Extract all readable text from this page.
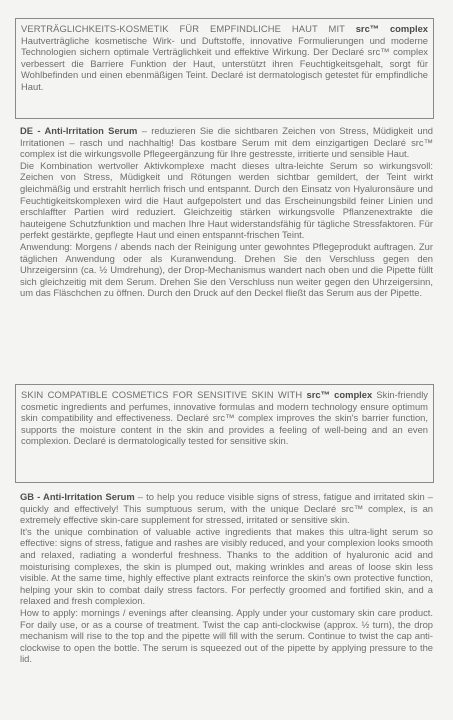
VERTRÄGLICHKEITS-KOSMETIK FÜR EMPFINDLICHE HAUT MIT src™ complex Hautverträgliche kosmetische Wirk- und Duftstoffe, innovative Formulierungen und moderne Technologien sichern optimale Verträglichkeit und effektive Wirkung. Der Declaré src™ complex verbessert die Barriere Funktion der Haut, unterstützt ihren Feuchtigkeitsgehalt, sorgt für Wohlbefinden und einen ebenmäßigen Teint. Declaré ist dermatologisch getestet für empfindliche Haut.

DE - Anti-Irritation Serum – reduzieren Sie die sichtbaren Zeichen von Stress, Müdigkeit und Irritationen – rasch und nachhaltig! Das kostbare Serum mit dem einzigartigen Declaré src™ complex ist die wirkungsvolle Pflegeergänzung für Ihre gestresste, irritierte und sensible Haut.

Die Kombination wertvoller Aktivkomplexe macht dieses ultra-leichte Serum so wirkungsvoll: Zeichen von Stress, Müdigkeit und Rötungen werden sichtbar gemildert, der Teint wirkt gleichmäßig und erstrahlt herrlich frisch und entspannt. Durch den Einsatz von Hyaluronsäure und Feuchtigkeitskomplexen wird die Haut aufgepolstert und das Erscheinungsbild feiner Linien und erschlaffter Partien wird reduziert. Gleichzeitig stärken wirkungsvolle Pflanzenextrakte die hauteigene Schutzfunktion und machen Ihre Haut widerstandsfähig für tägliche Stressfaktoren. Für perfekt gestärkte, gepflegte Haut und einen entspannt-frischen Teint.

Anwendung: Morgens / abends nach der Reinigung unter gewohntes Pflegeprodukt auftragen. Zur täglichen Anwendung oder als Kuranwendung. Drehen Sie den Verschluss gegen den Uhrzeigersinn (ca. ½ Umdrehung), der Drop-Mechanismus wandert nach oben und die Pipette füllt sich gleichzeitig mit dem Serum. Drehen Sie den Verschluss nun weiter gegen den Uhrzeigersinn, um das Fläschchen zu öffnen. Durch den Druck auf den Deckel fließt das Serum aus der Pipette.

SKIN COMPATIBLE COSMETICS FOR SENSITIVE SKIN WITH src™ complex Skin-friendly cosmetic ingredients and perfumes, innovative formulas and modern technology ensure optimum skin compatibility and effectiveness. Declaré src™ complex improves the skin's barrier function, supports the moisture content in the skin and provides a feeling of well-being and an even complexion. Declaré is dermatologically tested for sensitive skin.

GB - Anti-Irritation Serum – to help you reduce visible signs of stress, fatigue and irritated skin – quickly and effectively! This sumptuous serum, with the unique Declaré src™ complex, is an extremely effective skin-care supplement for stressed, irritated or sensitive skin.

It's the unique combination of valuable active ingredients that makes this ultra-light serum so effective: signs of stress, fatigue and rashes are visibly reduced, and your complexion looks smooth and relaxed, radiating a wonderful freshness. Thanks to the addition of hyaluronic acid and moisturising complexes, the skin is plumped out, making wrinkles and areas of loose skin less visible. At the same time, highly effective plant extracts reinforce the skin's own protective function, helping your skin to combat daily stress factors. For perfectly groomed and fortified skin, and a relaxed and fresh complexion.

How to apply: mornings / evenings after cleansing. Apply under your customary skin care product. For daily use, or as a course of treatment. Twist the cap anti-clockwise (approx. ½ turn), the drop mechanism will rise to the top and the pipette will fill with the serum. Continue to twist the cap anti-clockwise to open the bottle. The serum is squeezed out of the pipette by applying pressure to the lid.
